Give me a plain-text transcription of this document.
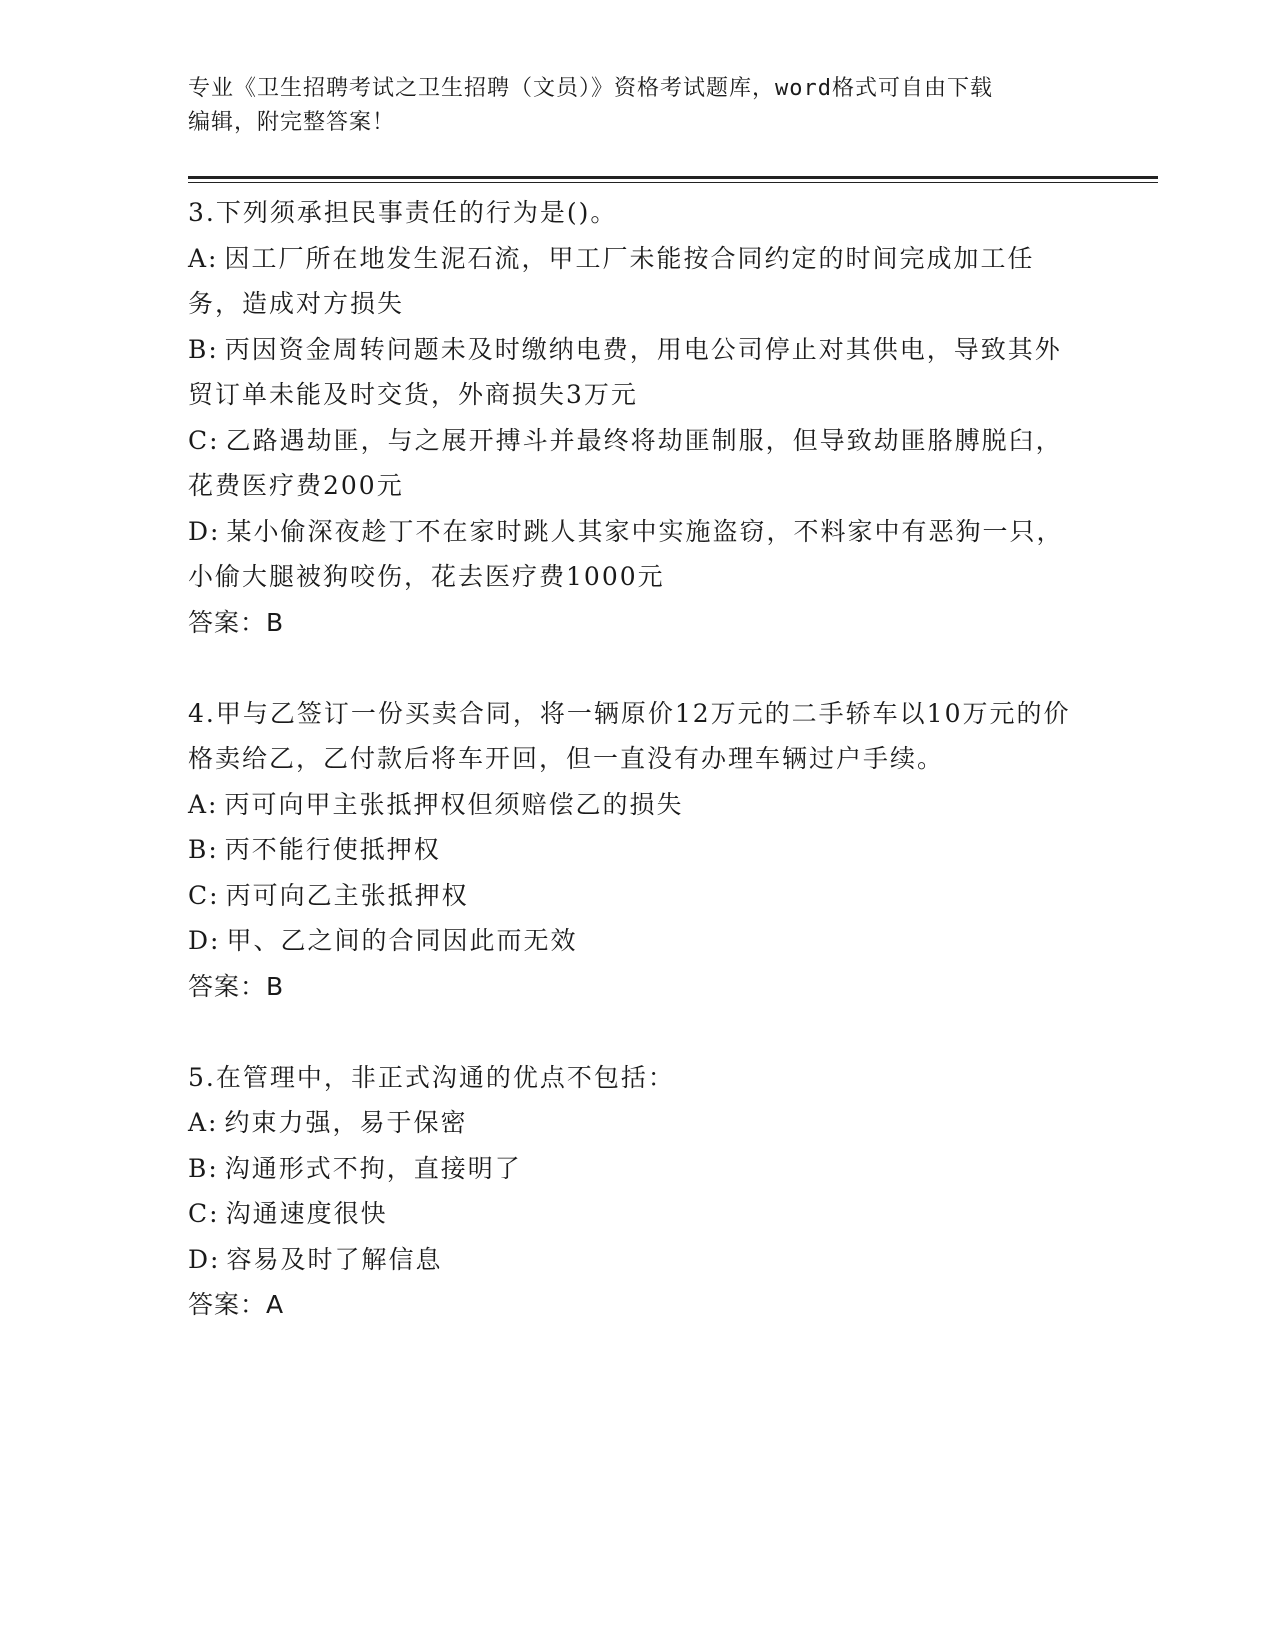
专业《卫生招聘考试之卫生招聘（文员）》资格考试题库，word格式可自由下载
编辑，附完整答案！

3.下列须承担民事责任的行为是()。

A: 因工厂所在地发生泥石流，甲工厂未能按合同约定的时间完成加工任务，造成对方损失

B: 丙因资金周转问题未及时缴纳电费，用电公司停止对其供电，导致其外贸订单未能及时交货，外商损失3万元

C: 乙路遇劫匪，与之展开搏斗并最终将劫匪制服，但导致劫匪胳膊脱臼，花费医疗费200元

D: 某小偷深夜趁丁不在家时跳人其家中实施盗窃，不料家中有恶狗一只，小偷大腿被狗咬伤，花去医疗费1000元

答案：B

4.甲与乙签订一份买卖合同，将一辆原价12万元的二手轿车以10万元的价格卖给乙，乙付款后将车开回，但一直没有办理车辆过户手续。

A: 丙可向甲主张抵押权但须赔偿乙的损失

B: 丙不能行使抵押权

C: 丙可向乙主张抵押权

D: 甲、乙之间的合同因此而无效

答案：B

5.在管理中，非正式沟通的优点不包括：

A: 约束力强，易于保密

B: 沟通形式不拘，直接明了

C: 沟通速度很快

D: 容易及时了解信息

答案：A
